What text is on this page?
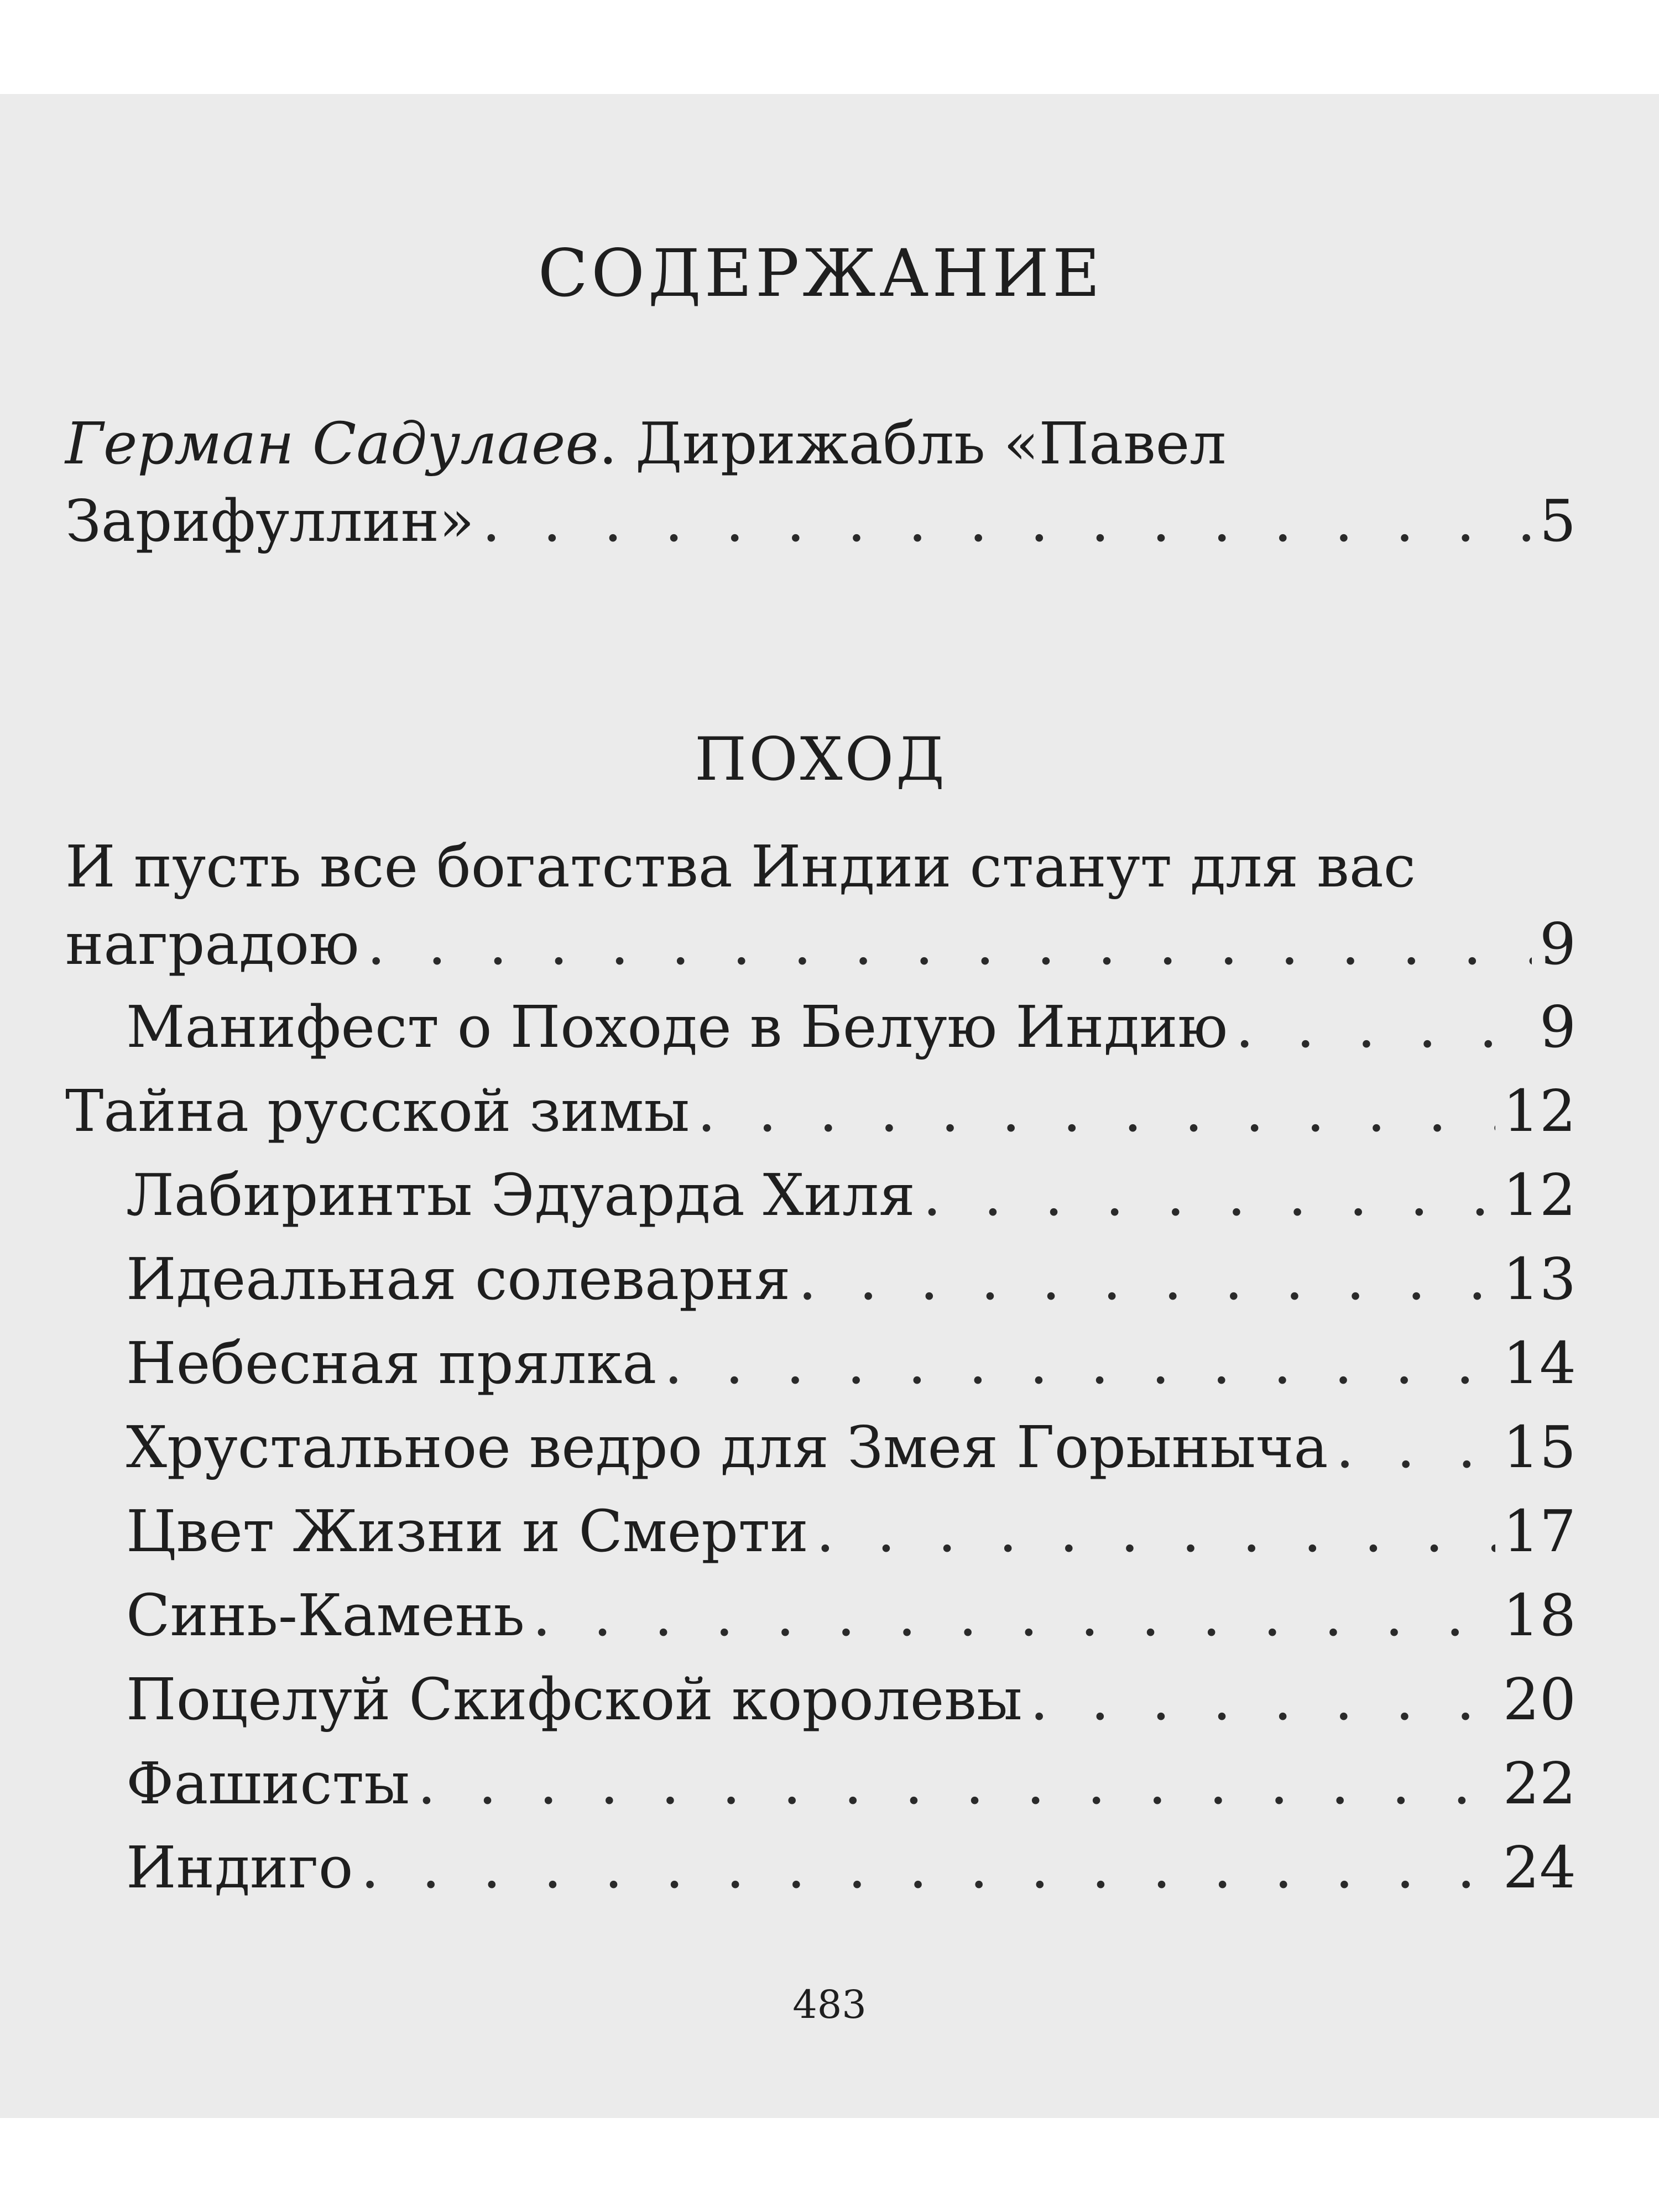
СОДЕРЖАНИЕ
Герман Садулаев. Дирижабль «Павел
Зарифуллин» . . .	5
ПОХОД
И пусть все богатства Индии станут для вас
наградою . . .	9
Манифест о Походе в Белую Индию . . .	9
Тайна русской зимы . . .	12
Лабиринты Эдуарда Хиля . . .	12
Идеальная солеварня . . .	13
Небесная прялка . . .	14
Хрустальное ведро для Змея Горыныча . . .	15
Цвет Жизни и Смерти . . .	17
Синь-Камень . . .	18
Поцелуй Скифской королевы . . .	20
Фашисты . . .	22
Индиго . . .	24
483
